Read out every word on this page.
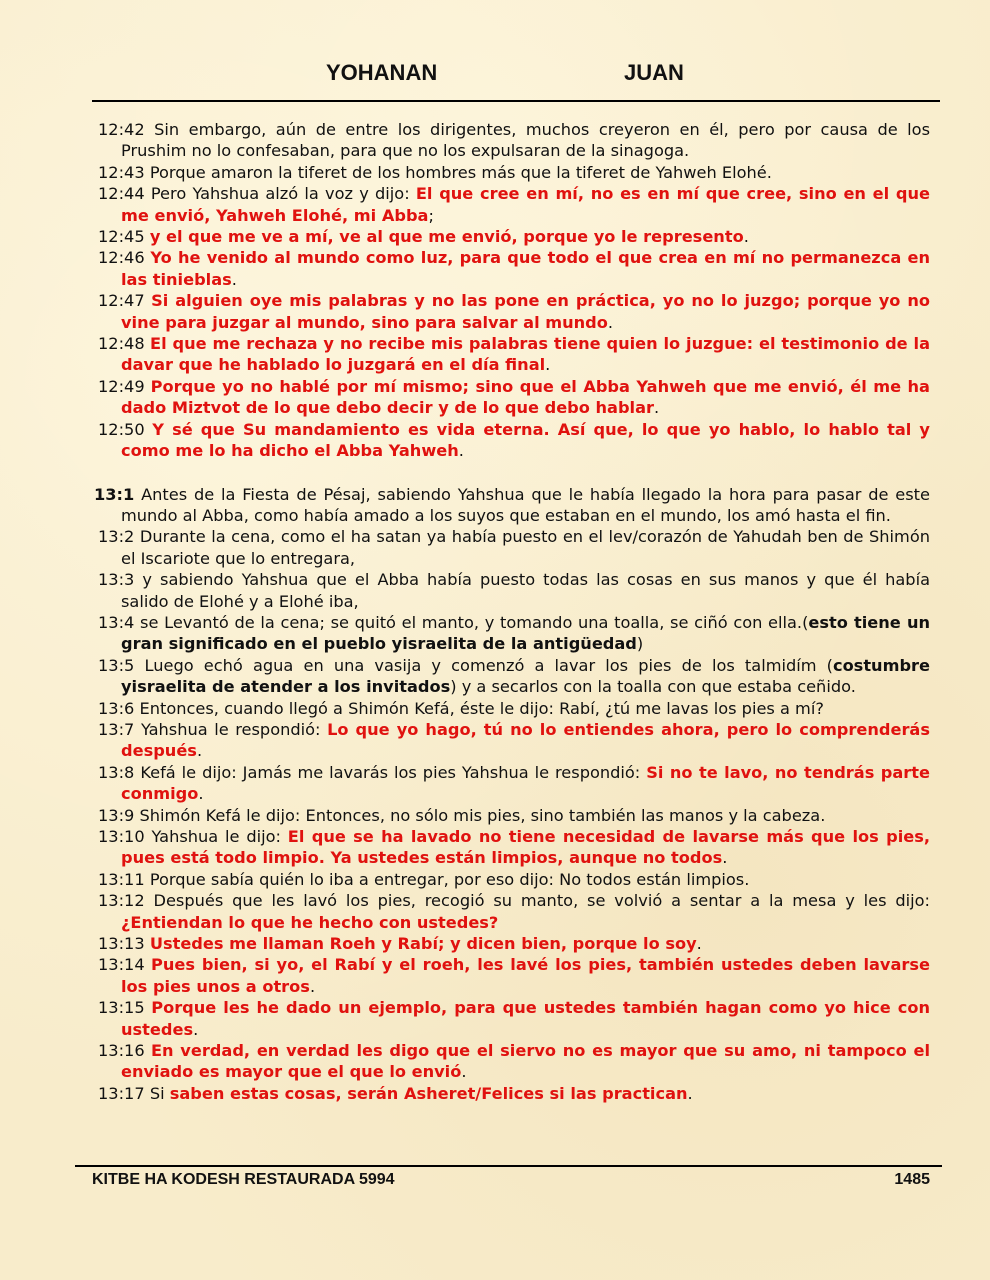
YOHANAN	JUAN

12:42 Sin embargo, aún de entre los dirigentes, muchos creyeron en él, pero por causa de los Prushim no lo confesaban, para que no los expulsaran de la sinagoga.

12:43 Porque amaron la tiferet de los hombres más que la tiferet de Yahweh Elohé.

12:44 Pero Yahshua alzó la voz y dijo: El que cree en mí, no es en mí que cree, sino en el que me envió, Yahweh Elohé, mi Abba;

12:45 y el que me ve a mí, ve al que me envió, porque yo le represento.

12:46 Yo he venido al mundo como luz, para que todo el que crea en mí no permanezca en las tinieblas.

12:47 Si alguien oye mis palabras y no las pone en práctica, yo no lo juzgo; porque yo no vine para juzgar al mundo, sino para salvar al mundo.

12:48 El que me rechaza y no recibe mis palabras tiene quien lo juzgue: el testimonio de la davar que he hablado lo juzgará en el día final.

12:49 Porque yo no hablé por mí mismo; sino que el Abba Yahweh que me envió, él me ha dado Miztvot de lo que debo decir y de lo que debo hablar.

12:50 Y sé que Su mandamiento es vida eterna. Así que, lo que yo hablo, lo hablo tal y como me lo ha dicho el Abba Yahweh.

13:1 Antes de la Fiesta de Pésaj, sabiendo Yahshua que le había llegado la hora para pasar de este mundo al Abba, como había amado a los suyos que estaban en el mundo, los amó hasta el fin.

13:2 Durante la cena, como el ha satan ya había puesto en el lev/corazón de Yahudah ben de Shimón el Iscariote que lo entregara,

13:3 y sabiendo Yahshua que el Abba había puesto todas las cosas en sus manos y que él había salido de Elohé y a Elohé iba,

13:4 se Levantó de la cena; se quitó el manto, y tomando una toalla, se ciñó con ella.(esto tiene un gran significado en el pueblo yisraelita de la antigüedad)

13:5 Luego echó agua en una vasija y comenzó a lavar los pies de los talmidím (costumbre yisraelita de atender a los invitados) y a secarlos con la toalla con que estaba ceñido.

13:6 Entonces, cuando llegó a Shimón Kefá, éste le dijo: Rabí, ¿tú me lavas los pies a mí?

13:7 Yahshua le respondió: Lo que yo hago, tú no lo entiendes ahora, pero lo comprenderás después.

13:8 Kefá le dijo: Jamás me lavarás los pies Yahshua le respondió: Si no te lavo, no tendrás parte conmigo.

13:9 Shimón Kefá le dijo: Entonces, no sólo mis pies, sino también las manos y la cabeza.

13:10 Yahshua le dijo: El que se ha lavado no tiene necesidad de lavarse más que los pies, pues está todo limpio. Ya ustedes están limpios, aunque no todos.

13:11 Porque sabía quién lo iba a entregar, por eso dijo: No todos están limpios.

13:12 Después que les lavó los pies, recogió su manto, se volvió a sentar a la mesa y les dijo: ¿Entiendan lo que he hecho con ustedes?

13:13 Ustedes me llaman Roeh y Rabí; y dicen bien, porque lo soy.

13:14 Pues bien, si yo, el Rabí y el roeh, les lavé los pies, también ustedes deben lavarse los pies unos a otros.

13:15 Porque les he dado un ejemplo, para que ustedes también hagan como yo hice con ustedes.

13:16 En verdad, en verdad les digo que el siervo no es mayor que su amo, ni tampoco el enviado es mayor que el que lo envió.

13:17 Si saben estas cosas, serán Asheret/Felices si las practican.

KITBE HA KODESH RESTAURADA 5994	1485
